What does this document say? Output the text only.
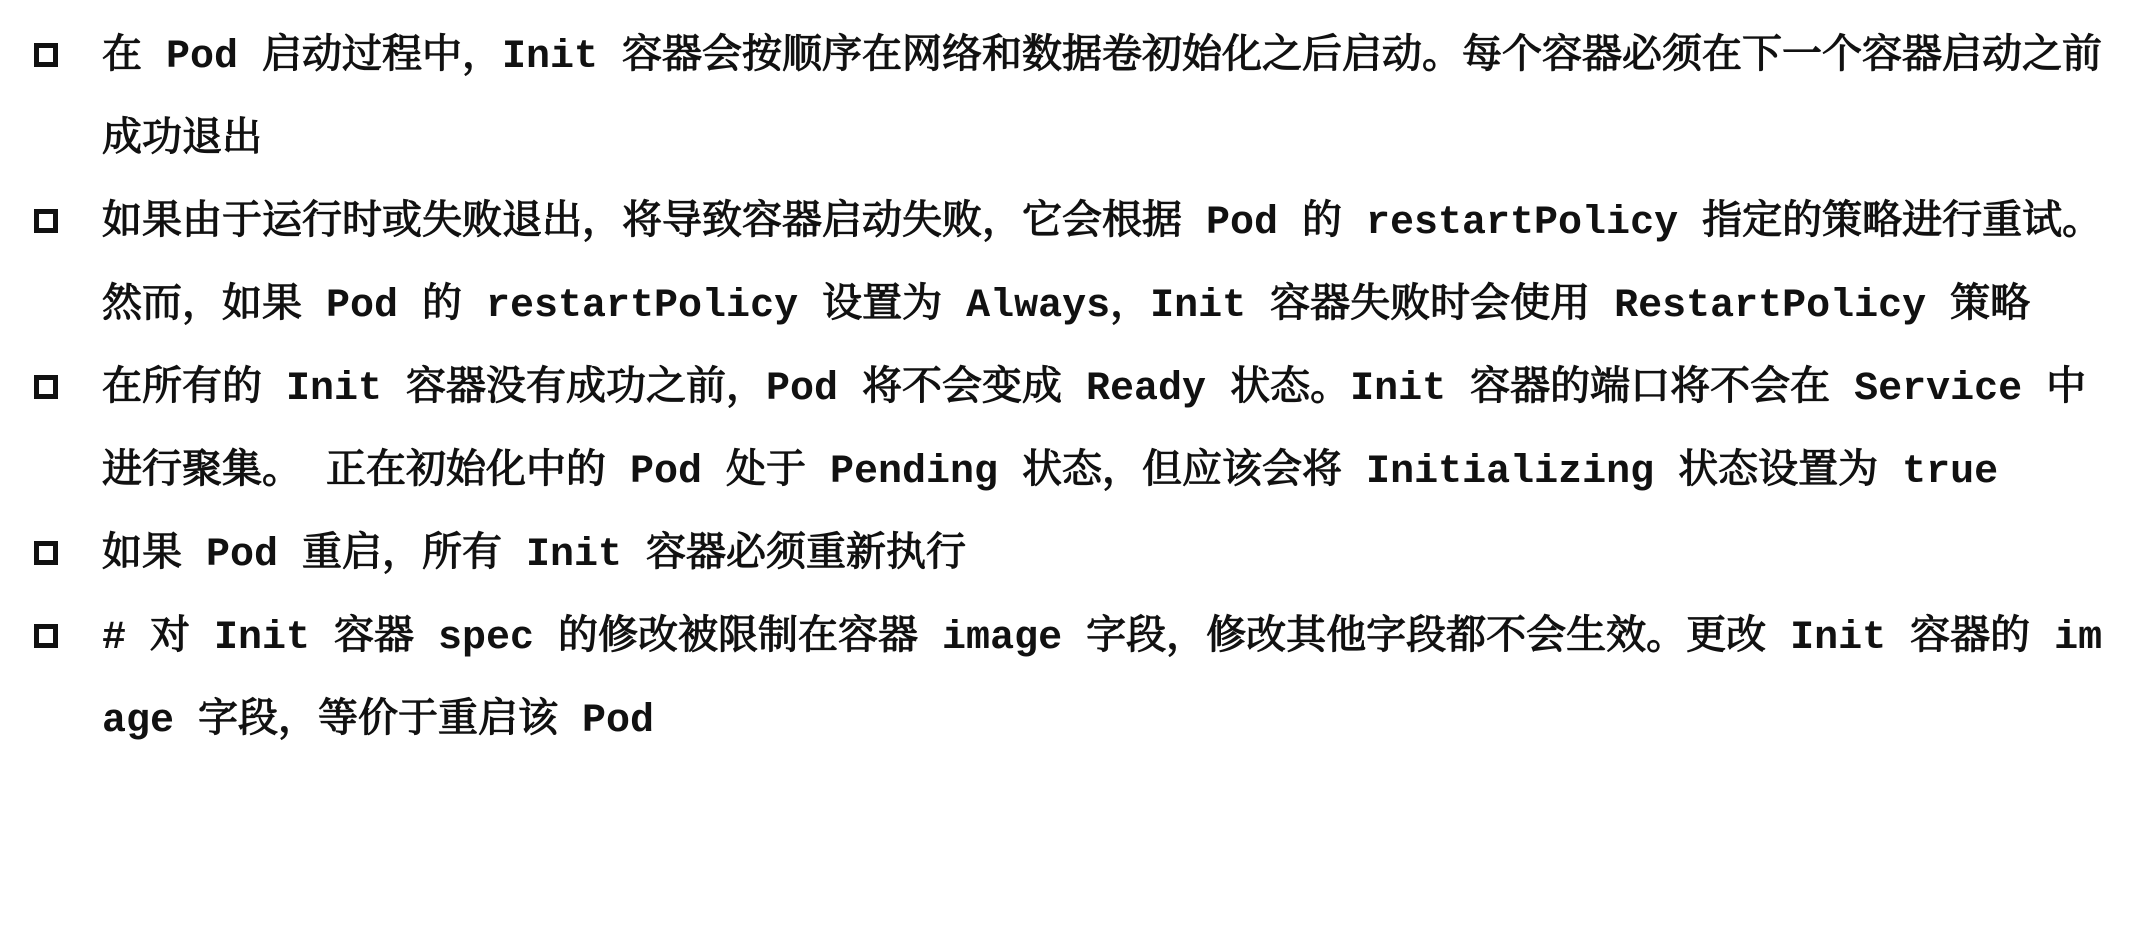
在 Pod 启动过程中，Init 容器会按顺序在网络和数据卷初始化之后启动。每个容器必须在下一个容器启动之前成功退出
如果由于运行时或失败退出，将导致容器启动失败，它会根据 Pod 的 restartPolicy 指定的策略进行重试。然而，如果 Pod 的 restartPolicy 设置为 Always，Init 容器失败时会使用 RestartPolicy 策略
在所有的 Init 容器没有成功之前，Pod 将不会变成 Ready 状态。Init 容器的端口将不会在 Service 中进行聚集。 正在初始化中的 Pod 处于 Pending 状态，但应该会将 Initializing 状态设置为 true
如果 Pod 重启，所有 Init 容器必须重新执行
# 对 Init 容器 spec 的修改被限制在容器 image 字段，修改其他字段都不会生效。更改 Init 容器的 image 字段，等价于重启该 Pod
